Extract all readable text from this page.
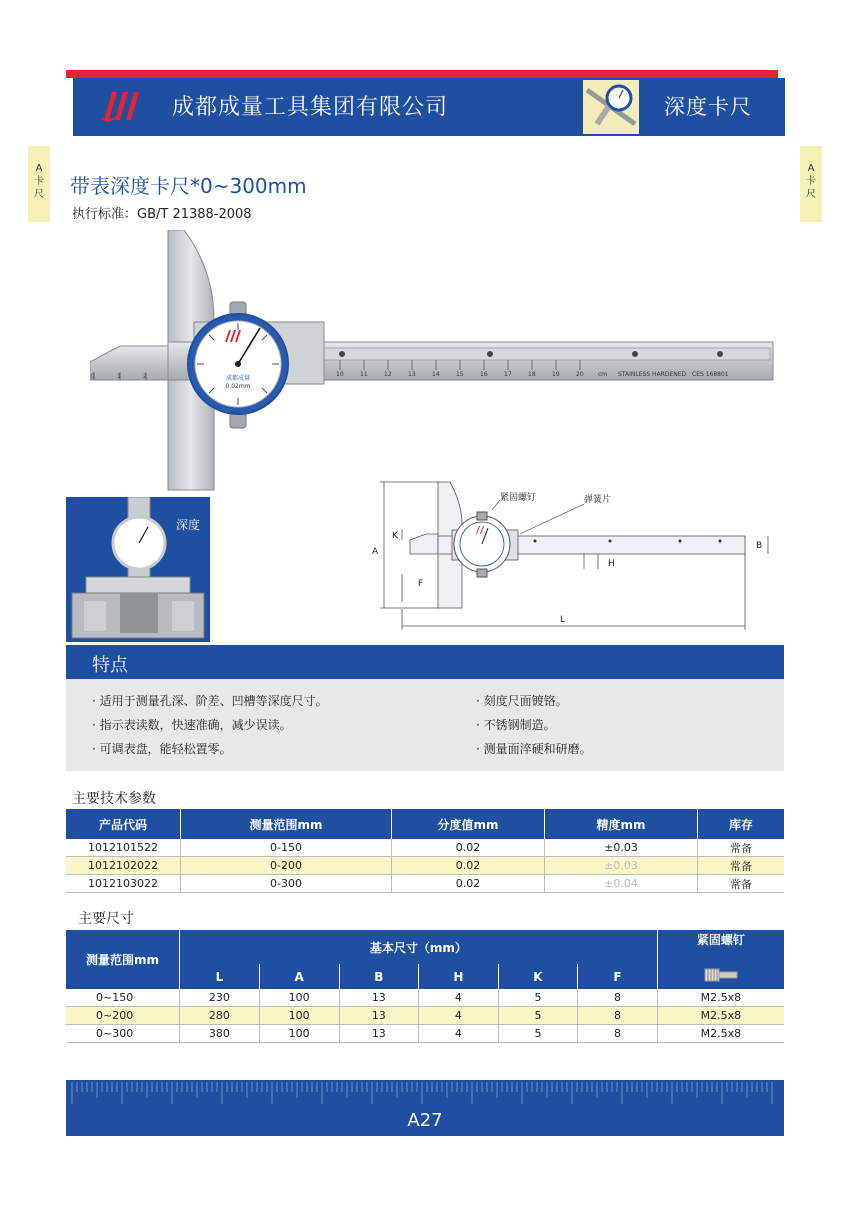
成都成量工具集团有限公司	深度卡尺
A
卡
尺
A
卡
尺
带表深度卡尺*0~300mm
执行标准：GB/T 21388-2008
0	1	2	10	11	12	13	14	15	16	17	18	19	20 cm STAINLESS HARDENED CES 168801
成都成量
0.02mm
深度
紧固螺钉	弹簧片
A
K
F
B
H
L
特点
· 适用于测量孔深、阶差、凹槽等深度尺寸。
· 指示表读数，快速准确，减少误读。
· 可调表盘，能轻松置零。
· 刻度尺面镀铬。
· 不锈钢制造。
· 测量面淬硬和研磨。
主要技术参数
产品代码	测量范围mm	分度值mm	精度mm	库存
1012101522	0-150	0.02	±0.03	常备
1012102022	0-200	0.02	±0.03	常备
1012103022	0-300	0.02	±0.04	常备
主要尺寸
测量范围mm	基本尺寸（mm）						紧固螺钉
	L	A	B	H	K	F	
0~150	230	100	13	4	5	8	M2.5x8
0~200	280	100	13	4	5	8	M2.5x8
0~300	380	100	13	4	5	8	M2.5x8
A27
